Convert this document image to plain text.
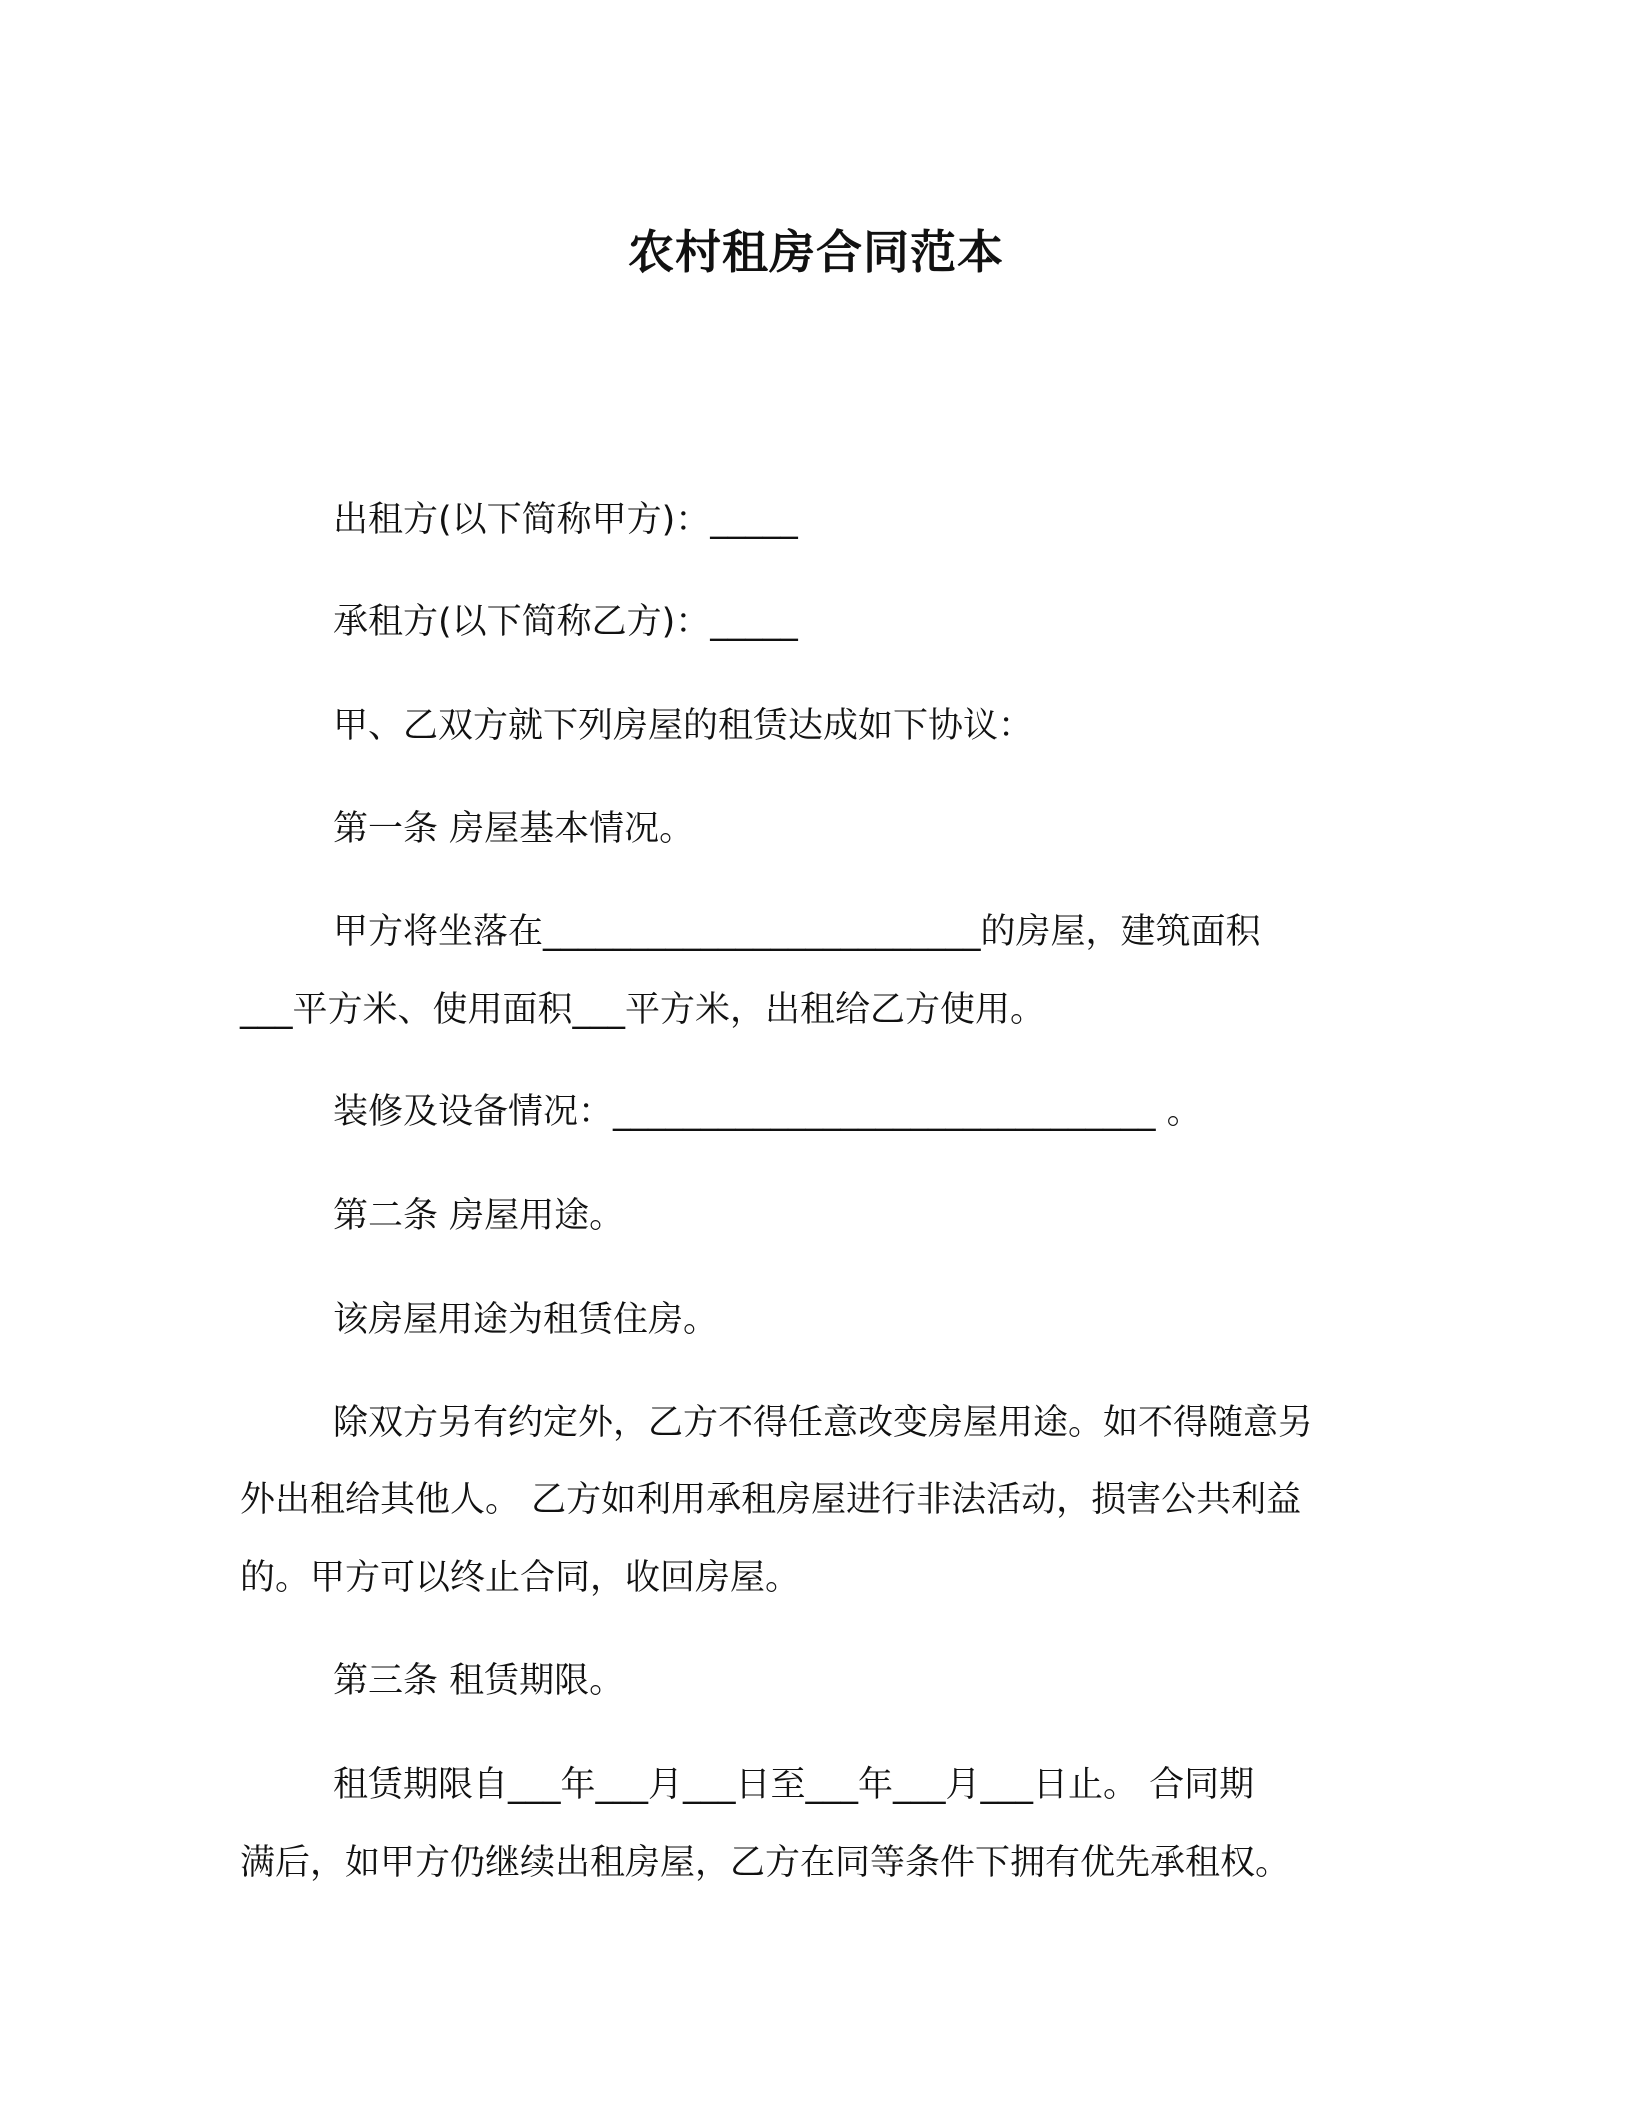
农村租房合同范本
出租方(以下简称甲方)：_____
承租方(以下简称乙方)：_____
甲、乙双方就下列房屋的租赁达成如下协议：
第一条 房屋基本情况。
甲方将坐落在_________________________的房屋，建筑面积
___平方米、使用面积___平方米，出租给乙方使用。
装修及设备情况：_______________________________ 。
第二条 房屋用途。
该房屋用途为租赁住房。
除双方另有约定外，乙方不得任意改变房屋用途。如不得随意另
外出租给其他人。 乙方如利用承租房屋进行非法活动，损害公共利益
的。甲方可以终止合同，收回房屋。
第三条 租赁期限。
租赁期限自___年___月___日至___年___月___日止。 合同期
满后，如甲方仍继续出租房屋，乙方在同等条件下拥有优先承租权。
